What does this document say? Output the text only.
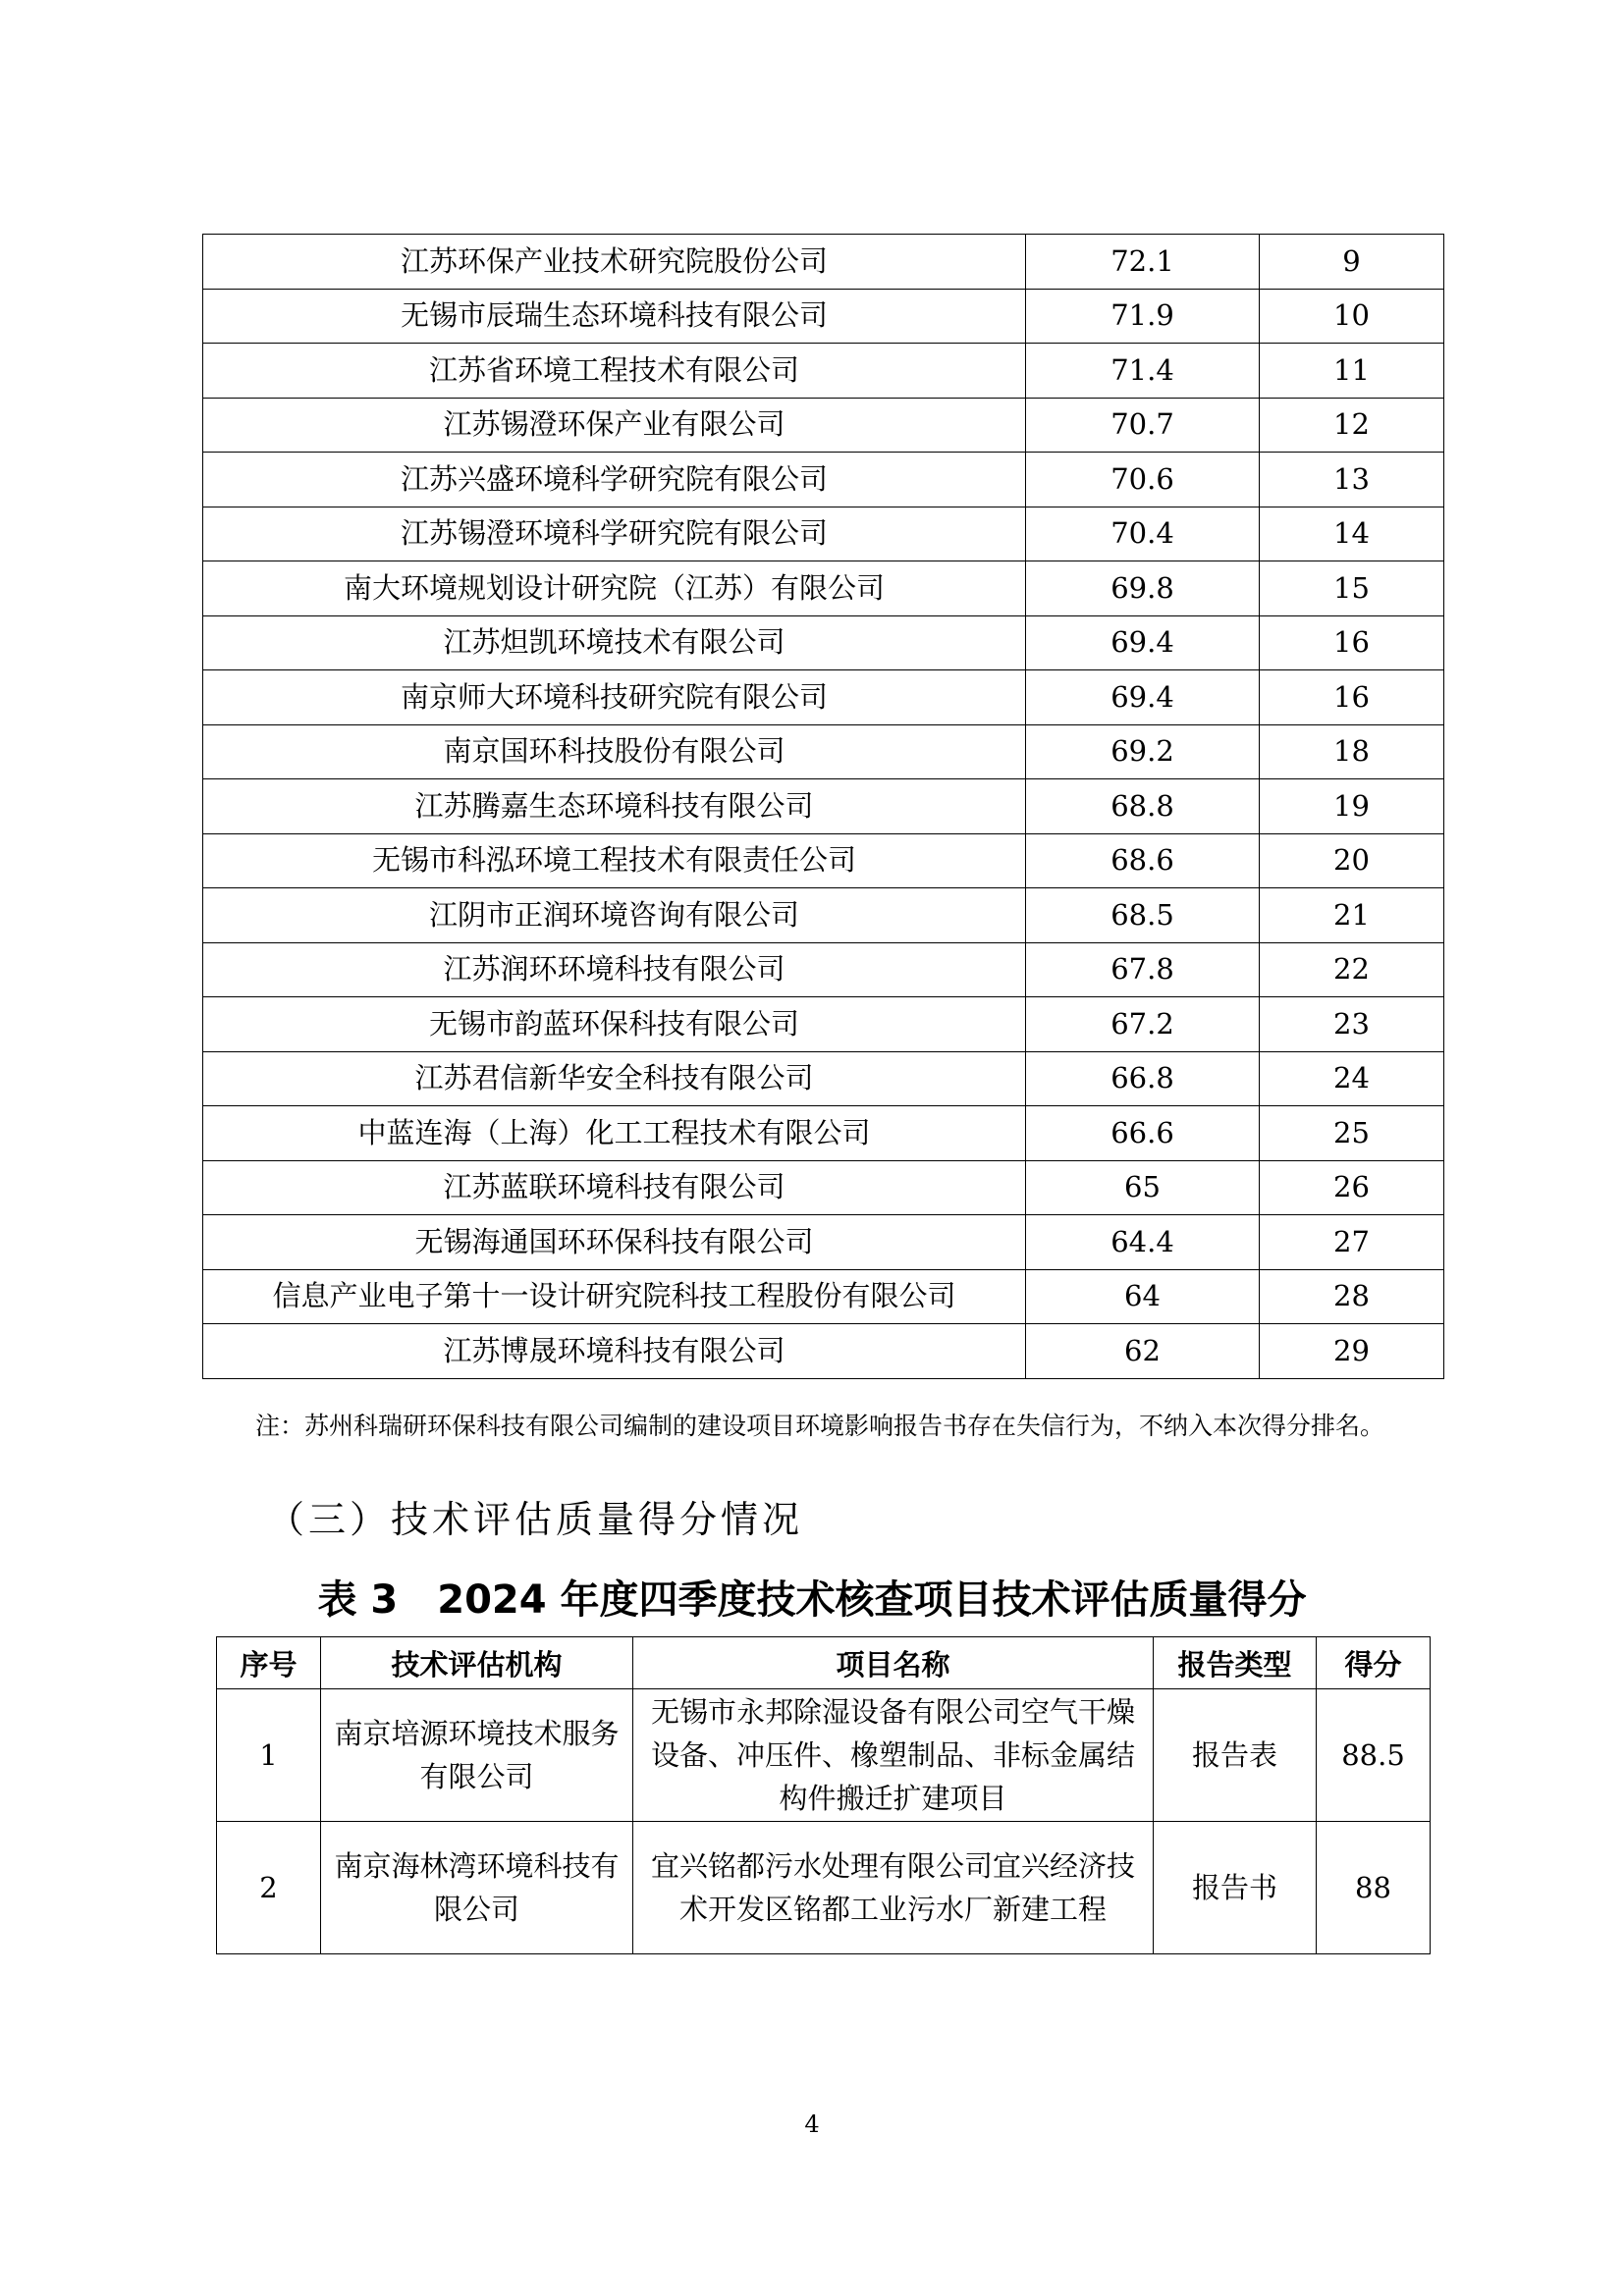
江苏环保产业技术研究院股份公司	72.1	9
无锡市辰瑞生态环境科技有限公司	71.9	10
江苏省环境工程技术有限公司	71.4	11
江苏锡澄环保产业有限公司	70.7	12
江苏兴盛环境科学研究院有限公司	70.6	13
江苏锡澄环境科学研究院有限公司	70.4	14
南大环境规划设计研究院（江苏）有限公司	69.8	15
江苏炟凯环境技术有限公司	69.4	16
南京师大环境科技研究院有限公司	69.4	16
南京国环科技股份有限公司	69.2	18
江苏腾嘉生态环境科技有限公司	68.8	19
无锡市科泓环境工程技术有限责任公司	68.6	20
江阴市正润环境咨询有限公司	68.5	21
江苏润环环境科技有限公司	67.8	22
无锡市韵蓝环保科技有限公司	67.2	23
江苏君信新华安全科技有限公司	66.8	24
中蓝连海（上海）化工工程技术有限公司	66.6	25
江苏蓝联环境科技有限公司	65	26
无锡海通国环环保科技有限公司	64.4	27
信息产业电子第十一设计研究院科技工程股份有限公司	64	28
江苏博晟环境科技有限公司	62	29

注：苏州科瑞研环保科技有限公司编制的建设项目环境影响报告书存在失信行为，不纳入本次得分排名。

（三）技术评估质量得分情况

表 3　2024 年度四季度技术核查项目技术评估质量得分

序号	技术评估机构	项目名称	报告类型	得分
1	南京培源环境技术服务有限公司	无锡市永邦除湿设备有限公司空气干燥设备、冲压件、橡塑制品、非标金属结构件搬迁扩建项目	报告表	88.5
2	南京海林湾环境科技有限公司	宜兴铭都污水处理有限公司宜兴经济技术开发区铭都工业污水厂新建工程	报告书	88

4
